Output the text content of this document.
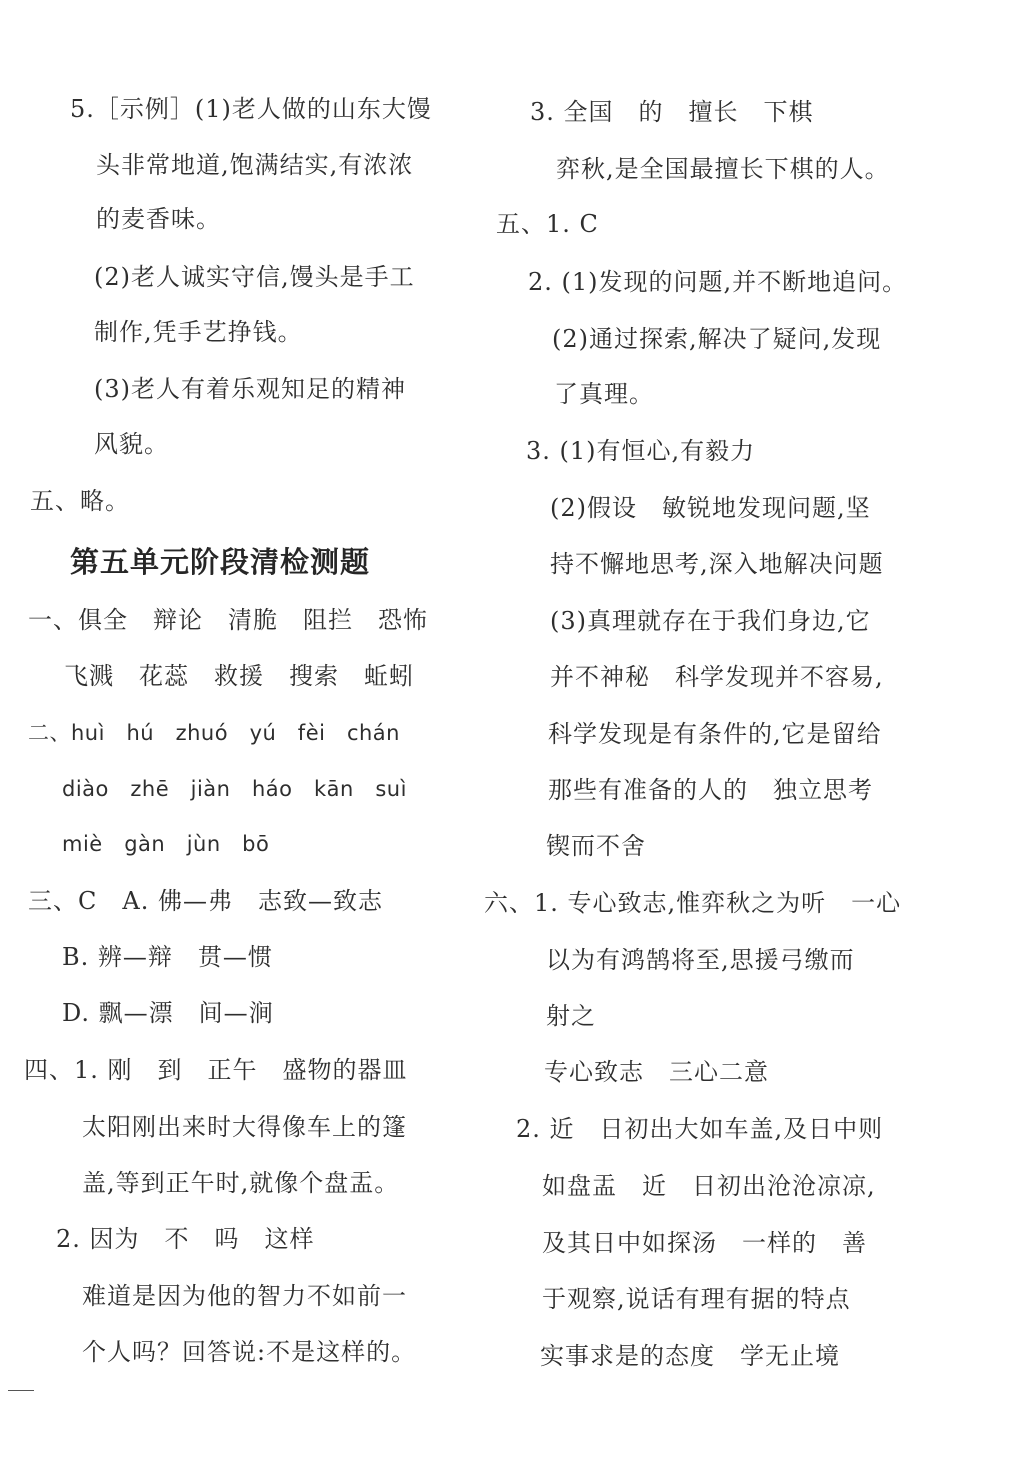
5.［示例］(1)老人做的山东大馒
头非常地道,饱满结实,有浓浓
的麦香味。
(2)老人诚实守信,馒头是手工
制作,凭手艺挣钱。
(3)老人有着乐观知足的精神
风貌。
五、略。
第五单元阶段清检测题
一、俱全　辩论　清脆　阻拦　恐怖
飞溅　花蕊　救援　搜索　蚯蚓
二、huì　hú　zhuó　yú　fèi　chán
diào　zhē　jiàn　háo　kān　suì
miè　gàn　jùn　bō
三、C　A. 佛—弗　志致—致志
B. 辨—辩　贯—惯
D. 飘—漂　间—涧
四、1. 刚　到　正午　盛物的器皿
太阳刚出来时大得像车上的篷
盖,等到正午时,就像个盘盂。
2. 因为　不　吗　这样
难道是因为他的智力不如前一
个人吗？回答说:不是这样的。
3. 全国　的　擅长　下棋
弈秋,是全国最擅长下棋的人。
五、1. C
2. (1)发现的问题,并不断地追问。
(2)通过探索,解决了疑问,发现
了真理。
3. (1)有恒心,有毅力
(2)假设　敏锐地发现问题,坚
持不懈地思考,深入地解决问题
(3)真理就存在于我们身边,它
并不神秘　科学发现并不容易,
科学发现是有条件的,它是留给
那些有准备的人的　独立思考
锲而不舍
六、1. 专心致志,惟弈秋之为听　一心
以为有鸿鹄将至,思援弓缴而
射之
专心致志　三心二意
2. 近　日初出大如车盖,及日中则
如盘盂　近　日初出沧沧凉凉,
及其日中如探汤　一样的　善
于观察,说话有理有据的特点
实事求是的态度　学无止境
